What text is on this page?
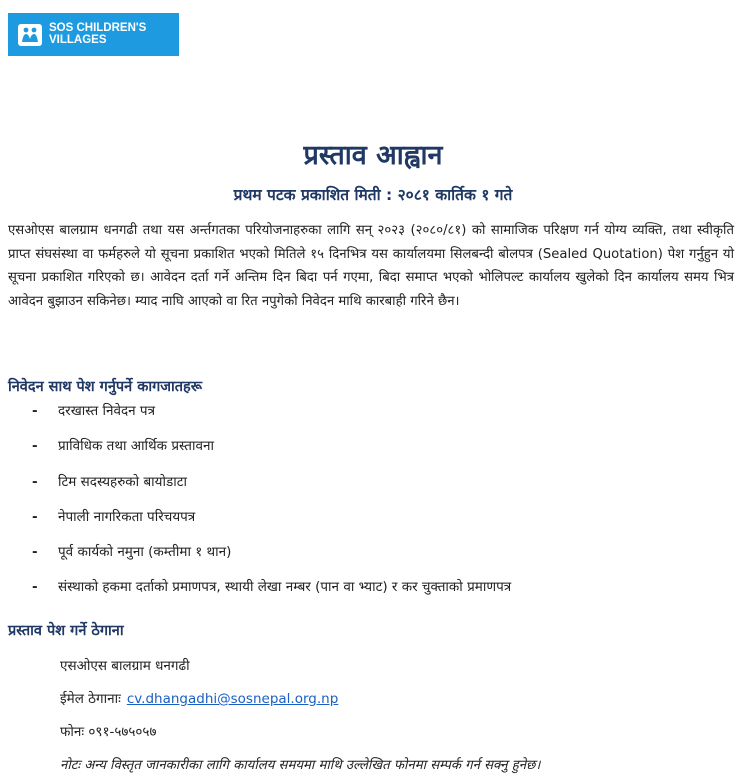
SOS CHILDREN'S
VILLAGES
प्रस्ताव आह्वान
प्रथम पटक प्रकाशित मिती : २०८१ कार्तिक १ गते
एसओएस बालग्राम धनगढी तथा यस अर्न्तगतका परियोजनाहरुका लागि सन् २०२३ (२०८०/८१) को सामाजिक परिक्षण गर्न योग्य व्यक्ति, तथा स्वीकृति प्राप्त संघसंस्था वा फर्महरुले यो सूचना प्रकाशित भएको मितिले १५ दिनभित्र यस कार्यालयमा सिलबन्दी बोलपत्र (Sealed Quotation) पेश गर्नुहुन यो सूचना प्रकाशित गरिएको छ। आवेदन दर्ता गर्ने अन्तिम दिन बिदा पर्न गएमा, बिदा समाप्त भएको भोलिपल्ट कार्यालय खुलेको दिन कार्यालय समय भित्र आवेदन बुझाउन सकिनेछ। म्याद नाघि आएको वा रित नपुगेको निवेदन माथि कारबाही गरिने छैन।
निवेदन साथ पेश गर्नुपर्ने कागजातहरू
- दरखास्त निवेदन पत्र
- प्राविधिक तथा आर्थिक प्रस्तावना
- टिम सदस्यहरुको बायोडाटा
- नेपाली नागरिकता परिचयपत्र
- पूर्व कार्यको नमुना (कम्तीमा १ थान)
- संस्थाको हकमा दर्ताको प्रमाणपत्र, स्थायी लेखा नम्बर (पान वा भ्याट) र कर चुक्ताको प्रमाणपत्र
प्रस्ताव पेश गर्ने ठेगाना
एसओएस बालग्राम धनगढी
ईमेल ठेगानाः cv.dhangadhi@sosnepal.org.np
फोनः ०९१-५७५०५७
नोटः अन्य विस्तृत जानकारीका लागि कार्यालय समयमा माथि उल्लेखित फोनमा सम्पर्क गर्न सक्नु हुनेछ।
